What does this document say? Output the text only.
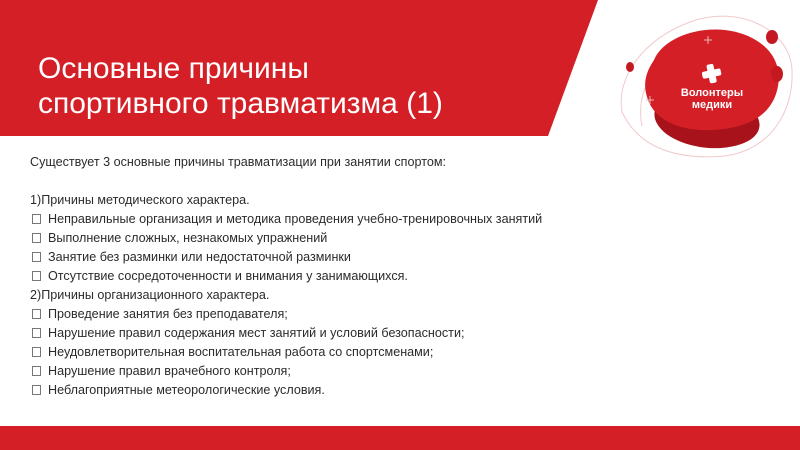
Основные причины
спортивного травматизма (1)	Волонтеры
медики
Существует 3 основные причины травматизации при занятии спортом:
1)Причины методического характера.
Неправильные организация и методика проведения учебно-тренировочных занятий
Выполнение сложных, незнакомых упражнений
Занятие без разминки или недостаточной разминки
Отсутствие сосредоточенности и внимания у занимающихся.
2)Причины организационного характера.
Проведение занятия без преподавателя;
Нарушение правил содержания мест занятий и условий безопасности;
Неудовлетворительная воспитательная работа со спортсменами;
Нарушение правил врачебного контроля;
Неблагоприятные метеорологические условия.
